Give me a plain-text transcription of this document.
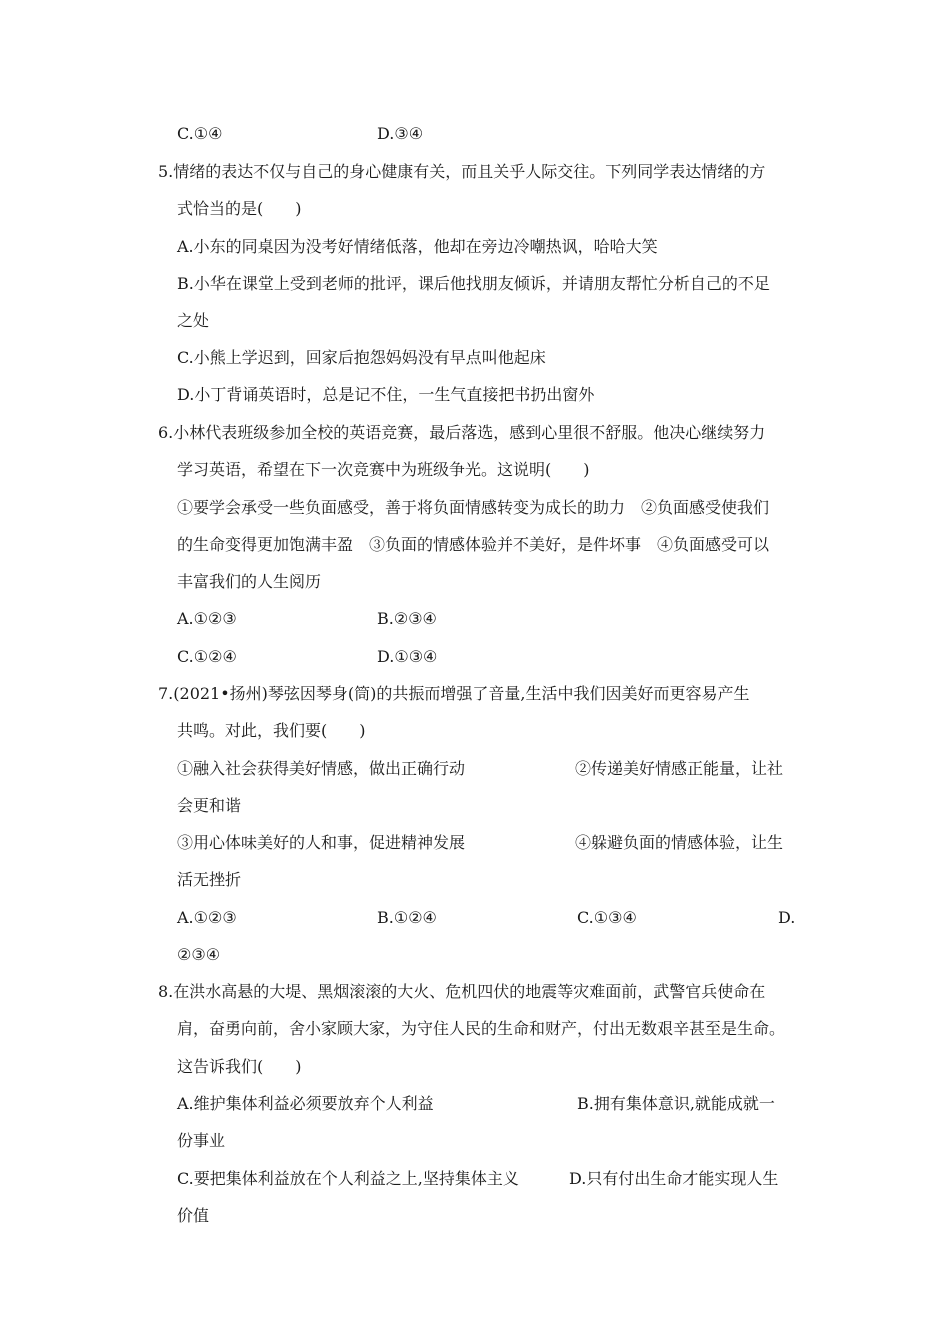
C.①④	D.③④
5.情绪的表达不仅与自己的身心健康有关，而且关乎人际交往。下列同学表达情绪的方
式恰当的是(　　)
A.小东的同桌因为没考好情绪低落，他却在旁边冷嘲热讽，哈哈大笑
B.小华在课堂上受到老师的批评，课后他找朋友倾诉，并请朋友帮忙分析自己的不足
之处
C.小熊上学迟到，回家后抱怨妈妈没有早点叫他起床
D.小丁背诵英语时，总是记不住，一生气直接把书扔出窗外
6.小林代表班级参加全校的英语竞赛，最后落选，感到心里很不舒服。他决心继续努力
学习英语，希望在下一次竞赛中为班级争光。这说明(　　)
①要学会承受一些负面感受，善于将负面情感转变为成长的助力　②负面感受使我们
的生命变得更加饱满丰盈　③负面的情感体验并不美好，是件坏事　④负面感受可以
丰富我们的人生阅历
A.①②③	B.②③④
C.①②④	D.①③④
7.(2021•扬州)琴弦因琴身(筒)的共振而增强了音量,生活中我们因美好而更容易产生
共鸣。对此，我们要(　　)
①融入社会获得美好情感，做出正确行动	②传递美好情感正能量，让社
会更和谐
③用心体味美好的人和事，促进精神发展	④躲避负面的情感体验，让生
活无挫折
A.①②③	B.①②④	C.①③④	D.
②③④
8.在洪水高悬的大堤、黑烟滚滚的大火、危机四伏的地震等灾难面前，武警官兵使命在
肩，奋勇向前，舍小家顾大家，为守住人民的生命和财产，付出无数艰辛甚至是生命。
这告诉我们(　　)
A.维护集体利益必须要放弃个人利益	B.拥有集体意识,就能成就一
份事业
C.要把集体利益放在个人利益之上,坚持集体主义	D.只有付出生命才能实现人生
价值
